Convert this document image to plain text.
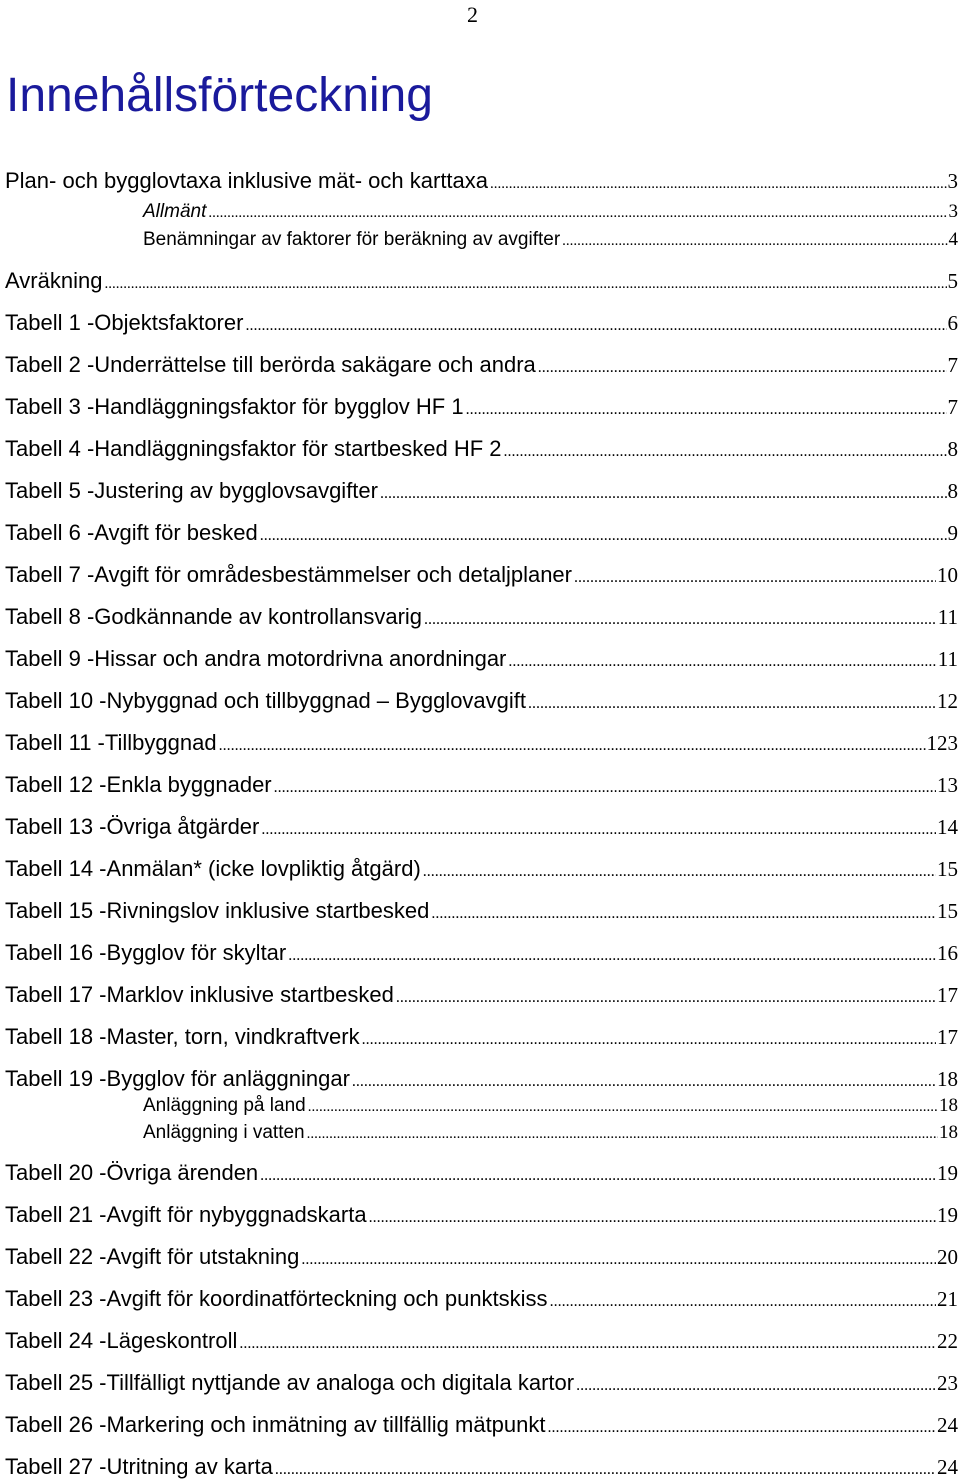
2
Innehållsförteckning
Plan- och bygglovtaxa inklusive mät- och karttaxa .....	3
Allmänt .....	3
Benämningar av faktorer för beräkning av avgifter .....	4
Avräkning .....	5
Tabell 1 - Objektsfaktorer .....	6
Tabell 2 - Underrättelse till berörda sakägare och andra .....	7
Tabell 3 - Handläggningsfaktor för bygglov HF 1 .....	7
Tabell 4 - Handläggningsfaktor för startbesked HF 2 .....	8
Tabell 5 - Justering av bygglovsavgifter .....	8
Tabell 6 - Avgift för besked .....	9
Tabell 7 - Avgift för områdesbestämmelser och detaljplaner .....	10
Tabell 8 - Godkännande av kontrollansvarig .....	11
Tabell 9 - Hissar och andra motordrivna anordningar .....	11
Tabell 10 - Nybyggnad och tillbyggnad – Bygglovavgift .....	12
Tabell 11 - Tillbyggnad .....	123
Tabell 12 - Enkla byggnader .....	13
Tabell 13 - Övriga åtgärder .....	14
Tabell 14 - Anmälan* (icke lovpliktig åtgärd) .....	15
Tabell 15 - Rivningslov inklusive startbesked .....	15
Tabell 16 - Bygglov för skyltar .....	16
Tabell 17 - Marklov inklusive startbesked .....	17
Tabell 18 - Master, torn, vindkraftverk .....	17
Tabell 19 - Bygglov för anläggningar .....	18
Anläggning på land .....	18
Anläggning i vatten .....	18
Tabell 20 - Övriga ärenden .....	19
Tabell 21 - Avgift för nybyggnadskarta .....	19
Tabell 22 - Avgift för utstakning .....	20
Tabell 23 - Avgift för koordinatförteckning och punktskiss .....	21
Tabell 24 - Lägeskontroll .....	22
Tabell 25 - Tillfälligt nyttjande av analoga och digitala kartor .....	23
Tabell 26 - Markering och inmätning av tillfällig mätpunkt .....	24
Tabell 27 - Utritning av karta .....	24
